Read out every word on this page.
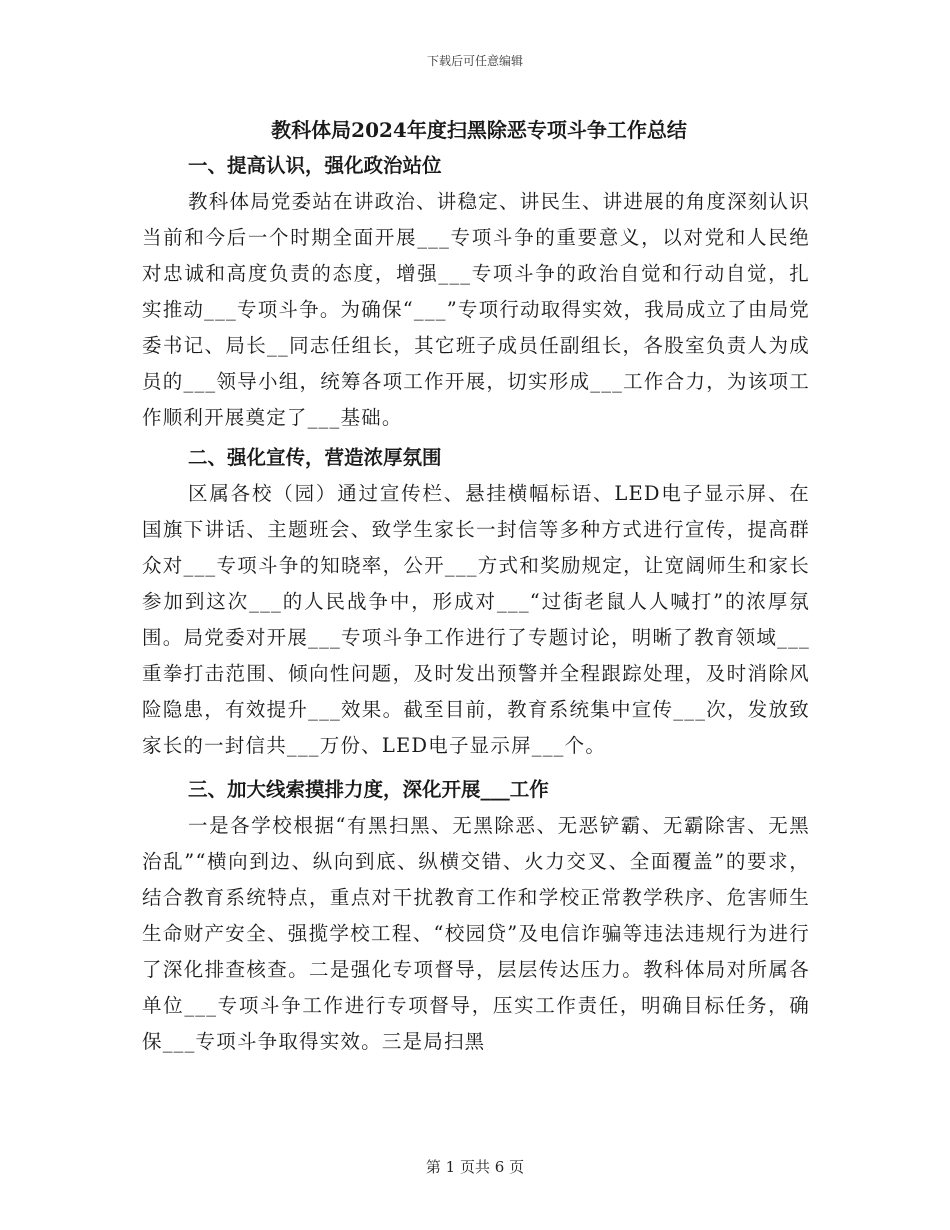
下载后可任意编辑
教科体局2024年度扫黑除恶专项斗争工作总结
一、提高认识，强化政治站位

教科体局党委站在讲政治、讲稳定、讲民生、讲进展的角度深刻认识当前和今后一个时期全面开展___专项斗争的重要意义，以对党和人民绝对忠诚和高度负责的态度，增强___专项斗争的政治自觉和行动自觉，扎实推动___专项斗争。为确保“___”专项行动取得实效，我局成立了由局党委书记、局长__同志任组长，其它班子成员任副组长，各股室负责人为成员的___领导小组，统筹各项工作开展，切实形成___工作合力，为该项工作顺利开展奠定了___基础。

二、强化宣传，营造浓厚氛围

区属各校（园）通过宣传栏、悬挂横幅标语、LED电子显示屏、在国旗下讲话、主题班会、致学生家长一封信等多种方式进行宣传，提高群众对___专项斗争的知晓率，公开___方式和奖励规定，让宽阔师生和家长参加到这次___的人民战争中，形成对___“过街老鼠人人喊打”的浓厚氛围。局党委对开展___专项斗争工作进行了专题讨论，明晰了教育领域___重拳打击范围、倾向性问题，及时发出预警并全程跟踪处理，及时消除风险隐患，有效提升___效果。截至目前，教育系统集中宣传___次，发放致家长的一封信共___万份、LED电子显示屏___个。

三、加大线索摸排力度，深化开展___工作

一是各学校根据“有黑扫黑、无黑除恶、无恶铲霸、无霸除害、无黑治乱”“横向到边、纵向到底、纵横交错、火力交叉、全面覆盖”的要求，结合教育系统特点，重点对干扰教育工作和学校正常教学秩序、危害师生生命财产安全、强揽学校工程、“校园贷”及电信诈骗等违法违规行为进行了深化排查核查。二是强化专项督导，层层传达压力。教科体局对所属各单位___专项斗争工作进行专项督导，压实工作责任，明确目标任务，确保___专项斗争取得实效。三是局扫黑

第 1 页共 6 页
